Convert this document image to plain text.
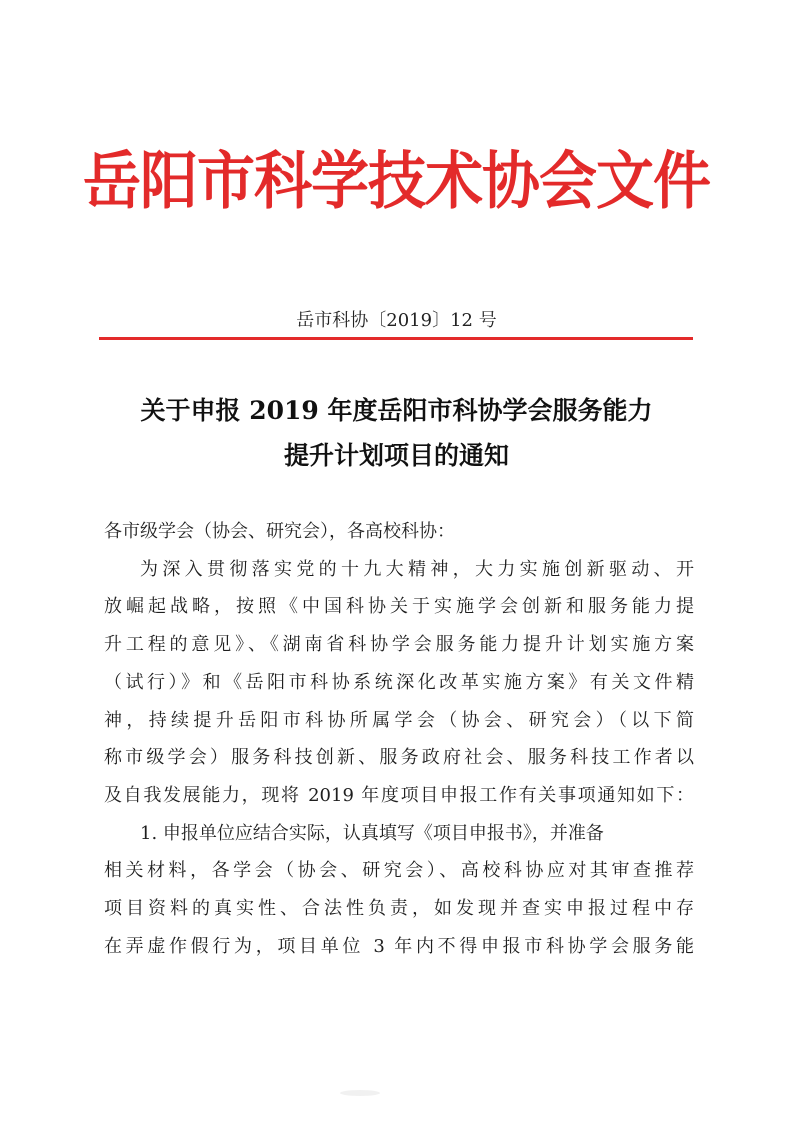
岳阳市科学技术协会文件
岳市科协〔2019〕12 号
关于申报 2019 年度岳阳市科协学会服务能力
提升计划项目的通知
各市级学会（协会、研究会），各高校科协：
为深入贯彻落实党的十九大精神，大力实施创新驱动、开
放崛起战略，按照《中国科协关于实施学会创新和服务能力提
升工程的意见》、《湖南省科协学会服务能力提升计划实施方案
（试行）》和《岳阳市科协系统深化改革实施方案》有关文件精
神，持续提升岳阳市科协所属学会（协会、研究会）（以下简
称市级学会）服务科技创新、服务政府社会、服务科技工作者以
及自我发展能力，现将 2019 年度项目申报工作有关事项通知如下：
1. 申报单位应结合实际，认真填写《项目申报书》，并准备
相关材料，各学会（协会、研究会）、高校科协应对其审查推荐
项目资料的真实性、合法性负责，如发现并查实申报过程中存
在弄虚作假行为，项目单位 3 年内不得申报市科协学会服务能
